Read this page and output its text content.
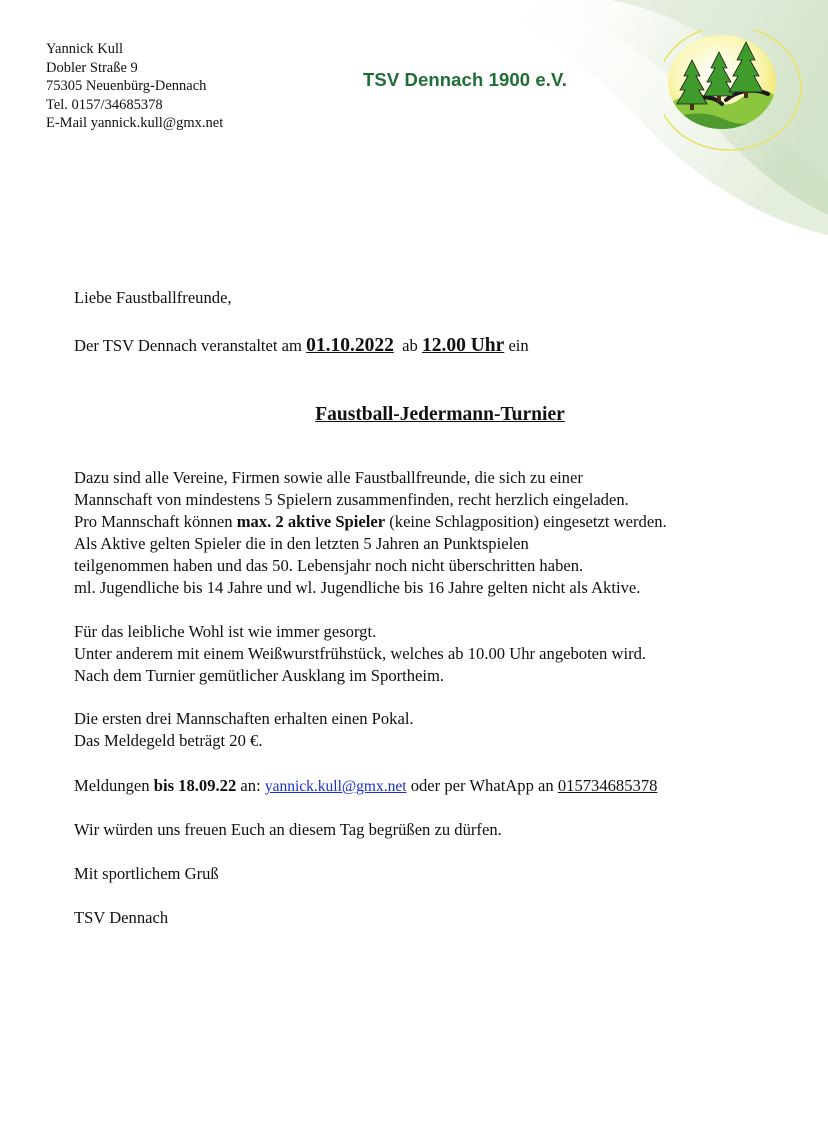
Yannick Kull
Dobler Straße 9
75305 Neuenbürg-Dennach
Tel. 0157/34685378
E-Mail yannick.kull@gmx.net
TSV Dennach 1900 e.V.
Liebe Faustballfreunde,
Der TSV Dennach veranstaltet am 01.10.2022  ab 12.00 Uhr ein
Faustball-Jedermann-Turnier
Dazu sind alle Vereine, Firmen sowie alle Faustballfreunde, die sich zu einer
Mannschaft von mindestens 5 Spielern zusammenfinden, recht herzlich eingeladen.
Pro Mannschaft können max. 2 aktive Spieler (keine Schlagposition) eingesetzt werden.
Als Aktive gelten Spieler die in den letzten 5 Jahren an Punktspielen
teilgenommen haben und das 50. Lebensjahr noch nicht überschritten haben.
ml. Jugendliche bis 14 Jahre und wl. Jugendliche bis 16 Jahre gelten nicht als Aktive.
Für das leibliche Wohl ist wie immer gesorgt.
Unter anderem mit einem Weißwurstfrühstück, welches ab 10.00 Uhr angeboten wird.
Nach dem Turnier gemütlicher Ausklang im Sportheim.
Die ersten drei Mannschaften erhalten einen Pokal.
Das Meldegeld beträgt 20 €.
Meldungen bis 18.09.22 an: yannick.kull@gmx.net oder per WhatApp an 015734685378
Wir würden uns freuen Euch an diesem Tag begrüßen zu dürfen.
Mit sportlichem Gruß
TSV Dennach
